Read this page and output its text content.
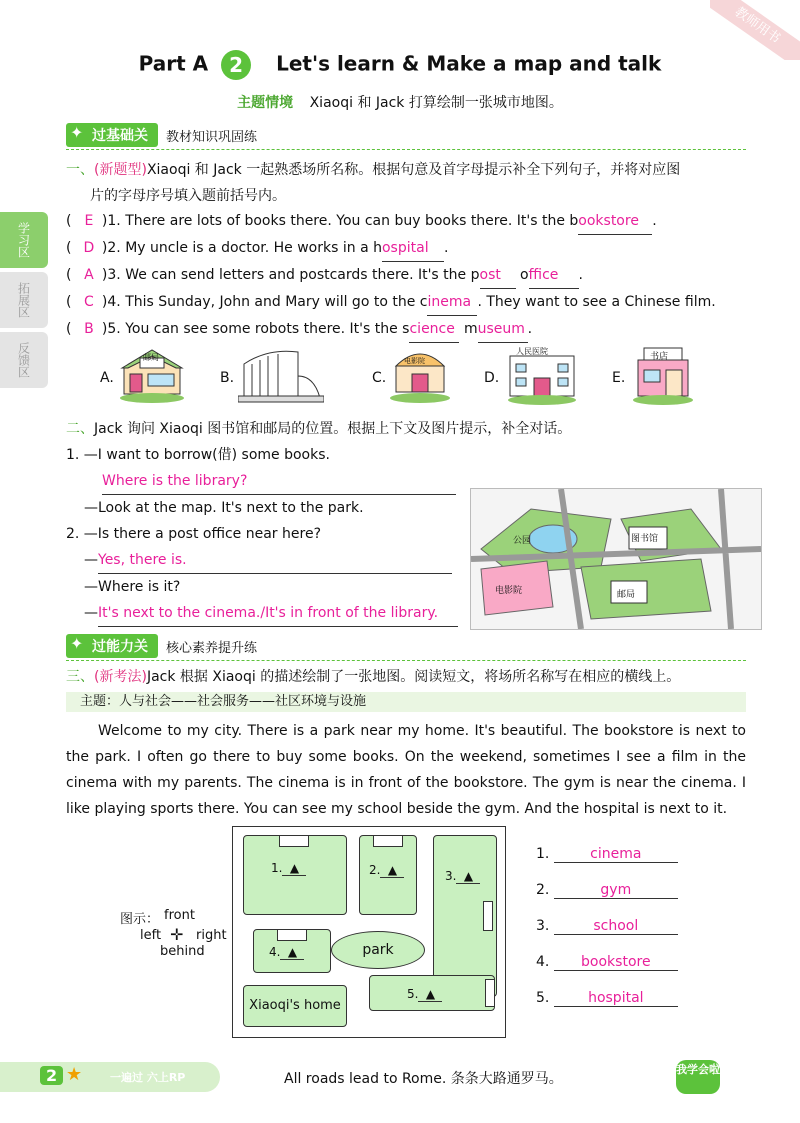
教师用书
Part A 2 Let's learn & Make a map and talk
主题情境 Xiaoqi 和 Jack 打算绘制一张城市地图。
学习区
拓展区
反馈区
✦ 过基础关	教材知识巩固练
一、(新题型)Xiaoqi 和 Jack 一起熟悉场所名称。根据句意及首字母提示补全下列句子，并将对应图
片的字母序号填入题前括号内。
( E )1. There are lots of books there. You can buy books there. It's the bookstore .
( D )2. My uncle is a doctor. He works in a hospital .
( A )3. We can send letters and postcards there. It's the post office .
( C )4. This Sunday, John and Mary will go to the cinema . They want to see a Chinese film.
( B )5. You can see some robots there. It's the science museum .
A.
邮局
B.	C.
电影院
D.
人民医院
E.
书店
二、Jack 询问 Xiaoqi 图书馆和邮局的位置。根据上下文及图片提示，补全对话。
1. —I want to borrow(借) some books.
Where is the library?
—Look at the map. It's next to the park.
2. —Is there a post office near here?
—Yes, there is.
—Where is it?
—It's next to the cinema./It's in front of the library.
公园	图书馆
电影院	邮局
✦ 过能力关	核心素养提升练
三、(新考法)Jack 根据 Xiaoqi 的描述绘制了一张地图。阅读短文，将场所名称写在相应的横线上。
主题：人与社会——社会服务——社区环境与设施
Welcome to my city. There is a park near my home. It's beautiful. The bookstore is next to the park. I often go there to buy some books. On the weekend, sometimes I see a film in the cinema with my parents. The cinema is in front of the bookstore. The gym is near the cinema. I like playing sports there. You can see my school beside the gym. And the hospital is next to it.
图示： front
left ✛ right
behind	park
Xiaoqi's home
1. ▲	2. ▲	3. ▲
4. ▲
5. ▲
1.	cinema
2.	gym
3.	school
4. bookstore
5.	hospital
2 ★	一遍过 六上RP	All roads lead to Rome. 条条大路通罗马。
我学会啦
